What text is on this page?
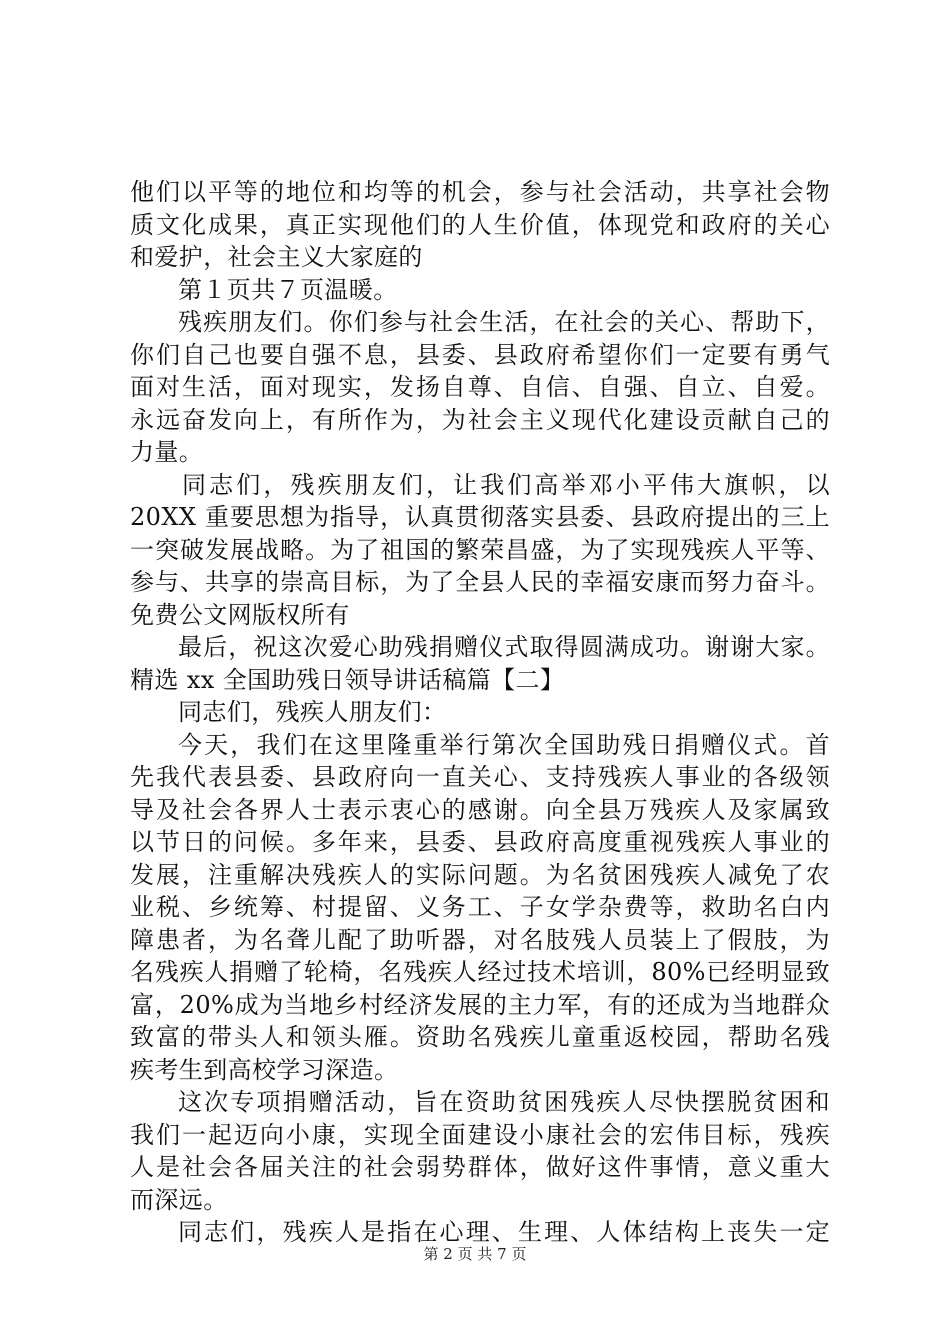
他们以平等的地位和均等的机会，参与社会活动，共享社会物
质文化成果，真正实现他们的人生价值，体现党和政府的关心
和爱护，社会主义大家庭的
第１页共７页温暖。
残疾朋友们。你们参与社会生活，在社会的关心、帮助下，
你们自己也要自强不息，县委、县政府希望你们一定要有勇气
面对生活，面对现实，发扬自尊、自信、自强、自立、自爱。
永远奋发向上，有所作为，为社会主义现代化建设贡献自己的
力量。
同志们，残疾朋友们，让我们高举邓小平伟大旗帜，以
20XX 重要思想为指导，认真贯彻落实县委、县政府提出的三上
一突破发展战略。为了祖国的繁荣昌盛，为了实现残疾人平等、
参与、共享的崇高目标，为了全县人民的幸福安康而努力奋斗。
免费公文网版权所有
最后，祝这次爱心助残捐赠仪式取得圆满成功。谢谢大家。
精选 xx 全国助残日领导讲话稿篇【二】
同志们，残疾人朋友们：
今天，我们在这里隆重举行第次全国助残日捐赠仪式。首
先我代表县委、县政府向一直关心、支持残疾人事业的各级领
导及社会各界人士表示衷心的感谢。向全县万残疾人及家属致
以节日的问候。多年来，县委、县政府高度重视残疾人事业的
发展，注重解决残疾人的实际问题。为名贫困残疾人减免了农
业税、乡统筹、村提留、义务工、子女学杂费等，救助名白内
障患者，为名聋儿配了助听器，对名肢残人员装上了假肢，为
名残疾人捐赠了轮椅，名残疾人经过技术培训，80%已经明显致
富，20%成为当地乡村经济发展的主力军，有的还成为当地群众
致富的带头人和领头雁。资助名残疾儿童重返校园，帮助名残
疾考生到高校学习深造。
这次专项捐赠活动，旨在资助贫困残疾人尽快摆脱贫困和
我们一起迈向小康，实现全面建设小康社会的宏伟目标，残疾
人是社会各届关注的社会弱势群体，做好这件事情，意义重大
而深远。
同志们，残疾人是指在心理、生理、人体结构上丧失一定
第 2 页 共 7 页
